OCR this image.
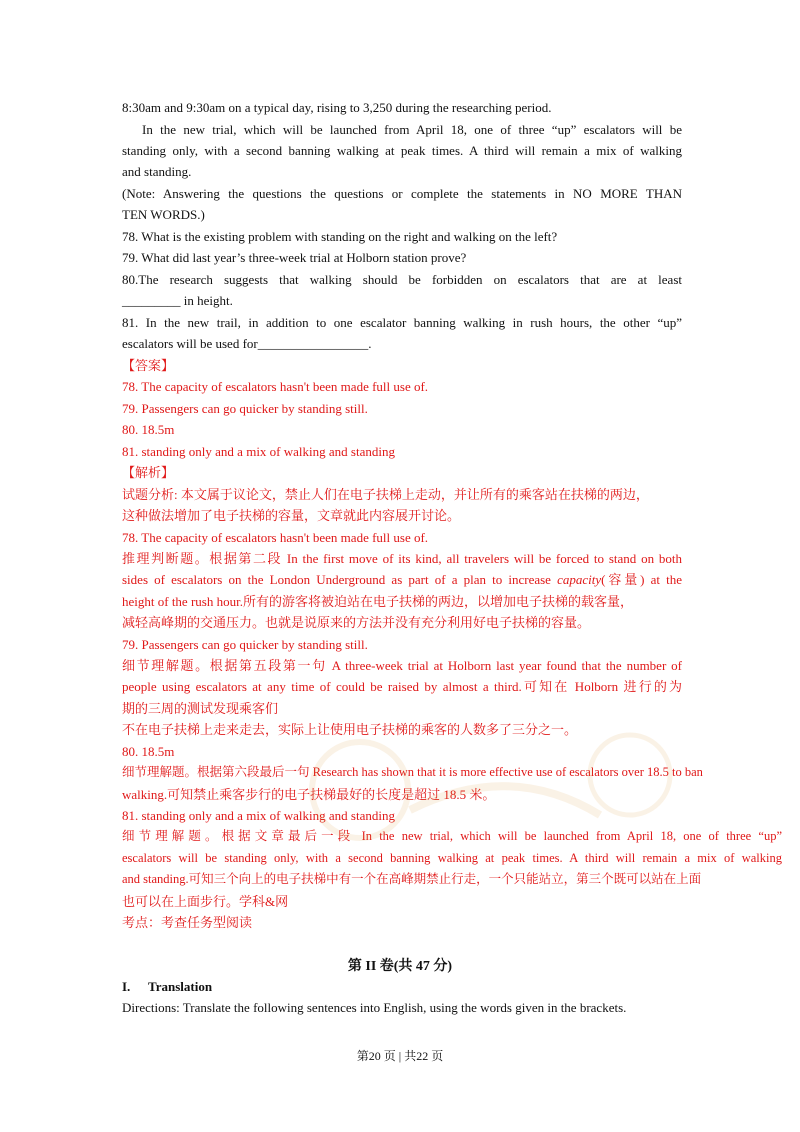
8:30am and 9:30am on a typical day, rising to 3,250 during the researching period.
In the new trial, which will be launched from April 18, one of three “up” escalators will be
standing only, with a second banning walking at peak times. A third will remain a mix of walking
and standing.
(Note: Answering the questions the questions or complete the statements in NO MORE THAN
TEN WORDS.)
78. What is the existing problem with standing on the right and walking on the left?
79. What did last year’s three-week trial at Holborn station prove?
80.The research suggests that walking should be forbidden on escalators that are at least
_________ in height.
81. In the new trail, in addition to one escalator banning walking in rush hours, the other “up”
escalators will be used for_________________.
【答案】
78. The capacity of escalators hasn't been made full use of.
79. Passengers can go quicker by standing still.
80. 18.5m
81. standing only and a mix of walking and standing
【解析】
试题分析: 本文属于议论文，禁止人们在电子扶梯上走动，并让所有的乘客站在扶梯的两边，
这种做法增加了电子扶梯的容量，文章就此内容展开讨论。
78. The capacity of escalators hasn't been made full use of.
推理判断题。根据第二段 In the first move of its kind, all travelers will be forced to stand on both
sides of escalators on the London Underground as part of a plan to increase capacity(容量) at the
height of the rush hour.所有的游客将被迫站在电子扶梯的两边，以增加电子扶梯的载客量，
减轻高峰期的交通压力。也就是说原来的方法并没有充分利用好电子扶梯的容量。
79. Passengers can go quicker by standing still.
细节理解题。根据第五段第一句 A three-week trial at Holborn last year found that the number of
people using escalators at any time of could be raised by almost a third.可知在 Holborn 进行的为
期的三周的测试发现乘客们
不在电子扶梯上走来走去，实际上让使用电子扶梯的乘客的人数多了三分之一。
80. 18.5m
细节理解题。根据第六段最后一句 Research has shown that it is more effective use of escalators over 18.5 to ban
walking.可知禁止乘客步行的电子扶梯最好的长度是超过 18.5 米。
81. standing only and a mix of walking and standing
细节理解题。根据文章最后一段 In the new trial, which will be launched from April 18, one of three “up”
escalators will be standing only, with a second banning walking at peak times. A third will remain a mix of walking
and standing.可知三个向上的电子扶梯中有一个在高峰期禁止行走，一个只能站立，第三个既可以站在上面
也可以在上面步行。学科&网
考点：考查任务型阅读
第 II 卷(共 47 分)
I. Translation
Directions: Translate the following sentences into English, using the words given in the brackets.
第20 页 | 共22 页
